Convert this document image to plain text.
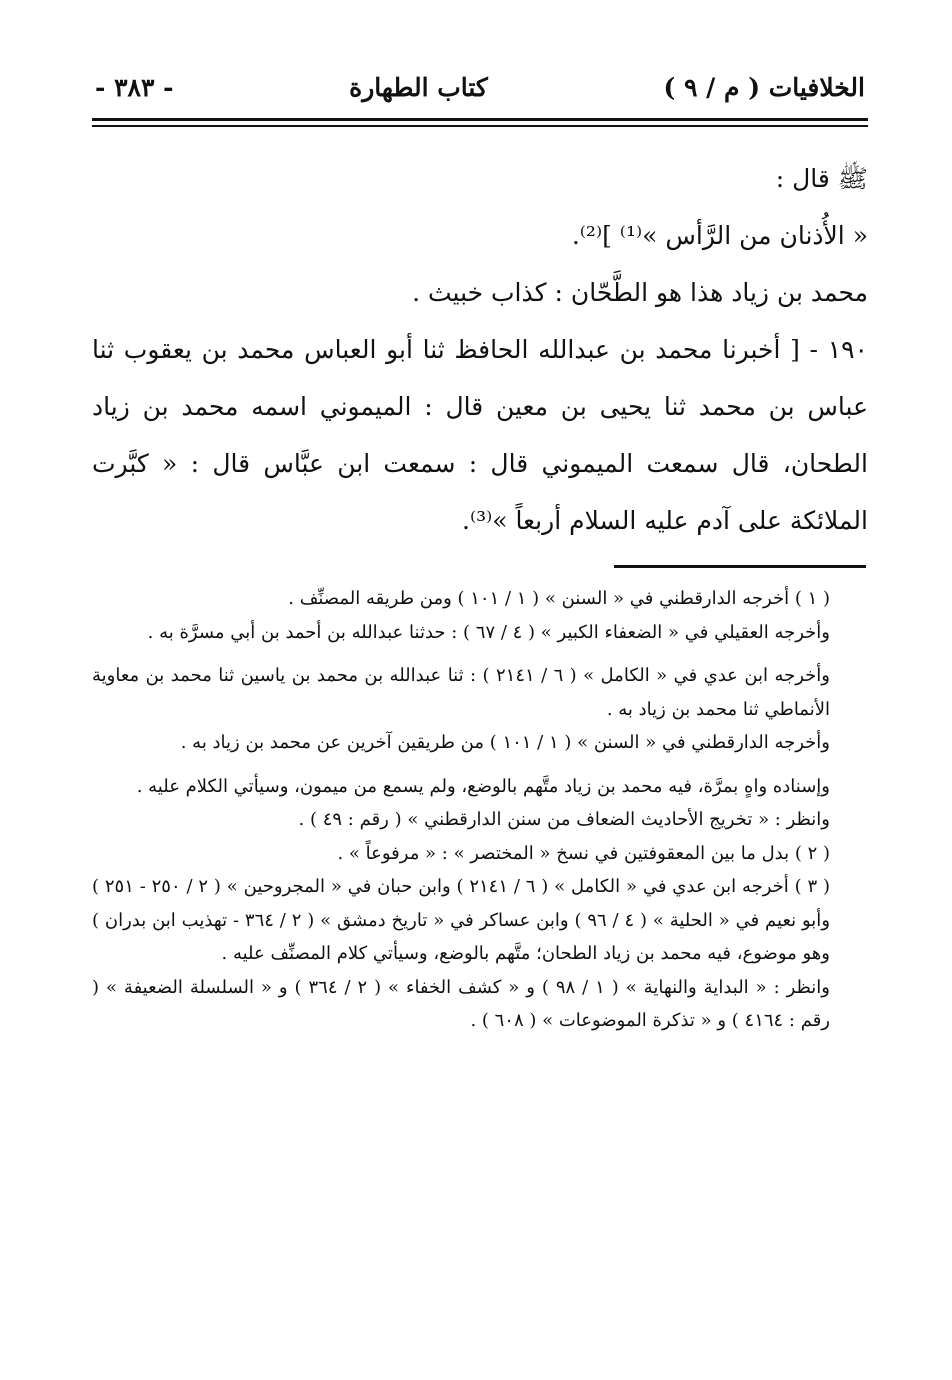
الخلافيات ( م / ٩ )
كتاب الطهارة
- ٣٨٣ -

ﷺ قال :

« الأُذنان من الرَّأس »⁽¹⁾ ]⁽²⁾.

محمد بن زياد هذا هو الطَّحّان : كذاب خبيث .

١٩٠ - [ أخبرنا محمد بن عبدالله الحافظ ثنا أبو العباس محمد بن يعقوب ثنا عباس بن محمد ثنا يحيى بن معين قال : الميموني اسمه محمد بن زياد الطحان، قال سمعت الميموني قال : سمعت ابن عبَّاس قال : « كبَّرت الملائكة على آدم عليه السلام أربعاً »⁽³⁾.

( ١ ) أخرجه الدارقطني في « السنن » ( ١ / ١٠١ ) ومن طريقه المصنِّف .

وأخرجه العقيلي في « الضعفاء الكبير » ( ٤ / ٦٧ ) : حدثنا عبدالله بن أحمد بن أبي مسرَّة به .

وأخرجه ابن عدي في « الكامل » ( ٦ / ٢١٤١ ) : ثنا عبدالله بن محمد بن ياسين ثنا محمد بن معاوية الأنماطي ثنا محمد بن زياد به .

وأخرجه الدارقطني في « السنن » ( ١ / ١٠١ ) من طريقين آخرين عن محمد بن زياد به .

وإسناده واهٍ بمرَّة، فيه محمد بن زياد متَّهم بالوضع، ولم يسمع من ميمون، وسيأتي الكلام عليه .

وانظر : « تخريج الأحاديث الضعاف من سنن الدارقطني » ( رقم : ٤٩ ) .

( ٢ ) بدل ما بين المعقوفتين في نسخ « المختصر » : « مرفوعاً » .

( ٣ ) أخرجه ابن عدي في « الكامل » ( ٦ / ٢١٤١ ) وابن حبان في « المجروحين » ( ٢ / ٢٥٠ - ٢٥١ ) وأبو نعيم في « الحلية » ( ٤ / ٩٦ ) وابن عساكر في « تاريخ دمشق » ( ٢ / ٣٦٤ - تهذيب ابن بدران ) وهو موضوع، فيه محمد بن زياد الطحان؛ متَّهم بالوضع، وسيأتي كلام المصنِّف عليه .

وانظر : « البداية والنهاية » ( ١ / ٩٨ ) و « كشف الخفاء » ( ٢ / ٣٦٤ ) و « السلسلة الضعيفة » ( رقم : ٤١٦٤ ) و « تذكرة الموضوعات » ( ٦٠٨ ) .
